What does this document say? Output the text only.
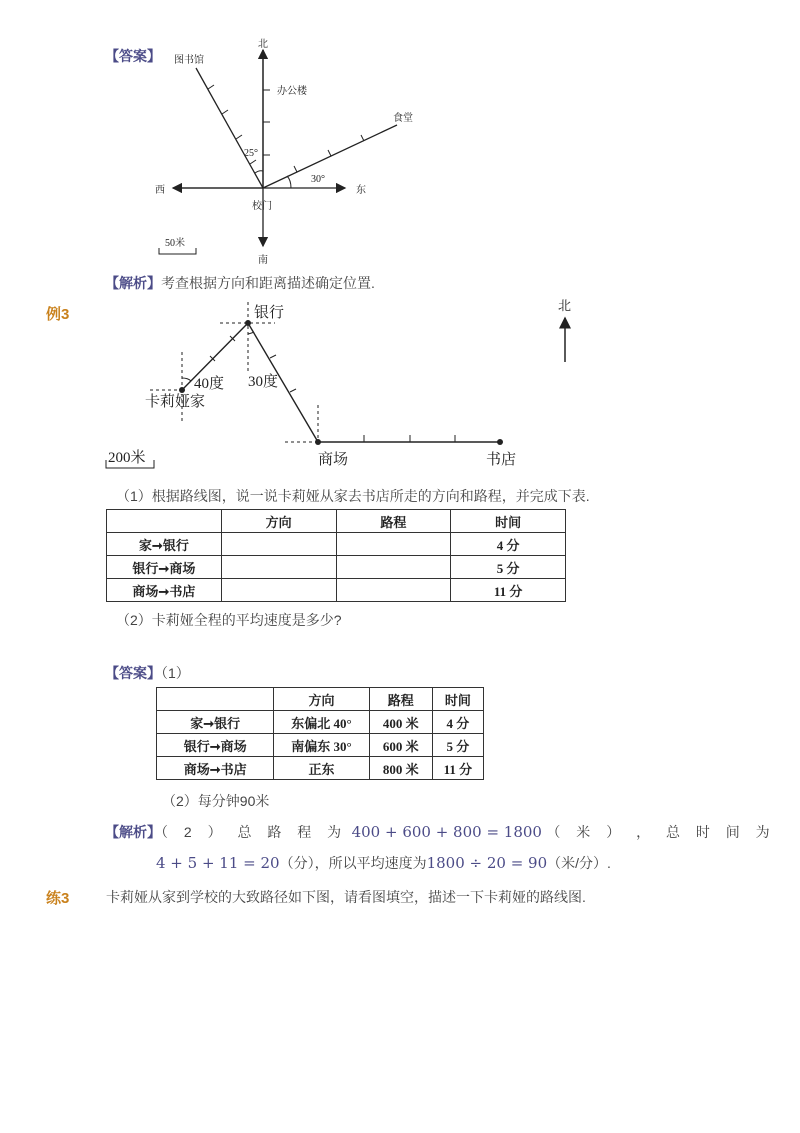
【答案】
北
南
东
西
图书馆
办公楼
食堂
校门
25°
30°
50米
【解析】考查根据方向和距离描述确定位置.
例3
北
银行
卡莉娅家
商场	书店
40度 30度
200米
（1）根据路线图，说一说卡莉娅从家去书店所走的方向和路程，并完成下表.
	方向	路程	时间
家➞银行			4 分
银行➞商场			5 分
商场➞书店			11 分
（2）卡莉娅全程的平均速度是多少?
【答案】（1）
	方向	路程	时间
家➞银行	东偏北 40°	400 米	4 分
银行➞商场	南偏东 30°	600 米	5 分
商场➞书店	正东	800 米	11 分
（2）每分钟90米
【解析】（ 2 ） 总 路 程 为 400 + 600 + 800 = 1800 （ 米 ） ， 总 时 间 为
4 + 5 + 11 = 20（分），所以平均速度为1800 ÷ 20 = 90（米/分）.
练3	卡莉娅从家到学校的大致路径如下图，请看图填空，描述一下卡莉娅的路线图.
